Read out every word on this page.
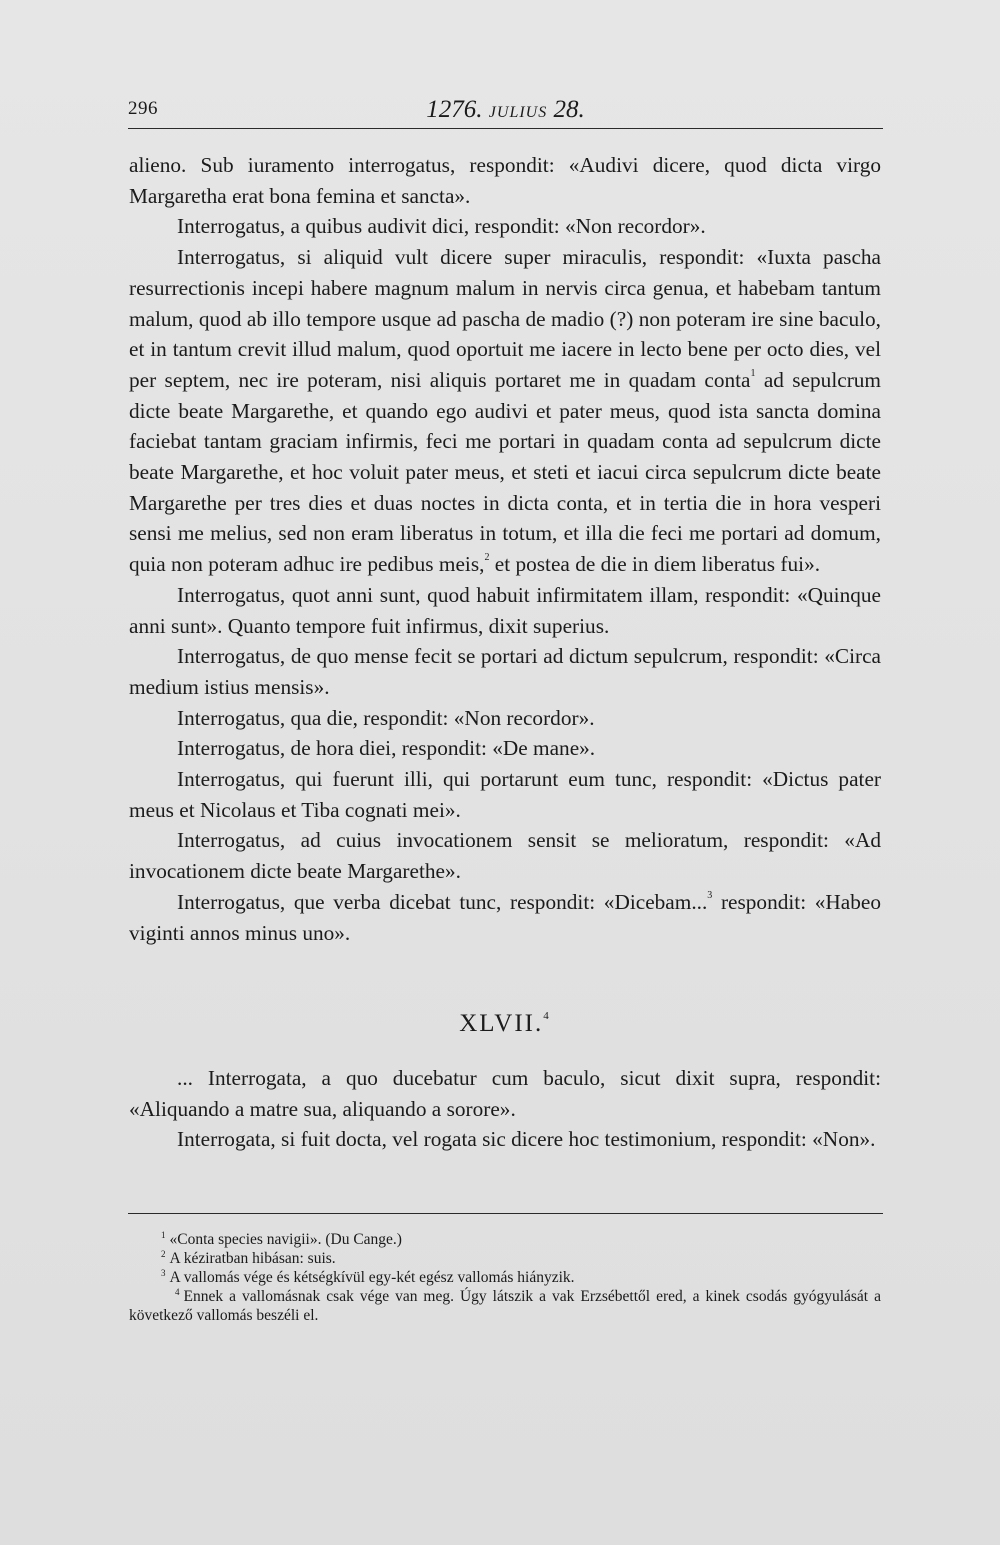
296	1276. JULIUS 28.

alieno. Sub iuramento interrogatus, respondit: «Audivi dicere, quod dicta virgo Margaretha erat bona femina et sancta».

Interrogatus, a quibus audivit dici, respondit: «Non recordor».

Interrogatus, si aliquid vult dicere super miraculis, respondit: «Iuxta pascha resurrectionis incepi habere magnum malum in nervis circa genua, et habebam tantum malum, quod ab illo tempore usque ad pascha de madio (?) non poteram ire sine baculo, et in tantum crevit illud malum, quod oportuit me iacere in lecto bene per octo dies, vel per septem, nec ire poteram, nisi aliquis portaret me in quadam conta$^1$ ad sepulcrum dicte beate Margarethe, et quando ego audivi et pater meus, quod ista sancta domina faciebat tantam graciam infirmis, feci me portari in quadam conta ad sepulcrum dicte beate Margarethe, et hoc voluit pater meus, et steti et iacui circa sepulcrum dicte beate Margarethe per tres dies et duas noctes in dicta conta, et in tertia die in hora vesperi sensi me melius, sed non eram liberatus in totum, et illa die feci me portari ad domum, quia non poteram adhuc ire pedibus meis,$^2$ et postea de die in diem liberatus fui».

Interrogatus, quot anni sunt, quod habuit infirmitatem illam, respondit: «Quinque anni sunt». Quanto tempore fuit infirmus, dixit superius.

Interrogatus, de quo mense fecit se portari ad dictum sepulcrum, respondit: «Circa medium istius mensis».

Interrogatus, qua die, respondit: «Non recordor».

Interrogatus, de hora diei, respondit: «De mane».

Interrogatus, qui fuerunt illi, qui portarunt eum tunc, respondit: «Dictus pater meus et Nicolaus et Tiba cognati mei».

Interrogatus, ad cuius invocationem sensit se melioratum, respondit: «Ad invocationem dicte beate Margarethe».

Interrogatus, que verba dicebat tunc, respondit: «Dicebam...$^3$ respondit: «Habeo viginti annos minus uno».

XLVII.$^4$

... Interrogata, a quo ducebatur cum baculo, sicut dixit supra, respondit: «Aliquando a matre sua, aliquando a sorore».

Interrogata, si fuit docta, vel rogata sic dicere hoc testimonium, respondit: «Non».

$^1$ «Conta species navigii». (Du Cange.)
$^2$ A kéziratban hibásan: suis.
$^3$ A vallomás vége és kétségkívül egy-két egész vallomás hiányzik.
$^4$ Ennek a vallomásnak csak vége van meg. Úgy látszik a vak Erzsébettől ered, a kinek csodás gyógyulását a következő vallomás beszéli el.
